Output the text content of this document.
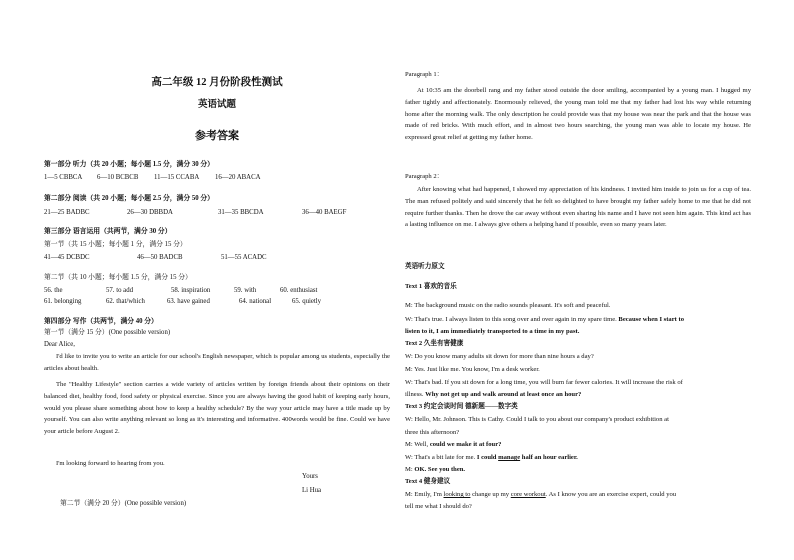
高二年级 12 月份阶段性测试
英语试题
参考答案
第一部分 听力（共 20 小题；每小题 1.5 分，满分 30 分）
1—5 CBBCA 6—10 BCBCB 11—15 CCABA 16—20 ABACA
第二部分 阅读（共 20 小题；每小题 2.5 分，满分 50 分）
21—25 BADBC	26—30 DBBDA	31—35 BBCDA	36—40 BAEGF
第三部分 语言运用（共两节，满分 30 分）
第一节（共 15 小题；每小题 1 分，满分 15 分）
41—45 DCBDC	46—50 BADCB	51—55 ACADC
第二节（共 10 小题；每小题 1.5 分，满分 15 分）
56. the	57. to add	58. inspiration	59. with	60. enthusiast
61. belonging	62. that/which	63. have gained	64. national	65. quietly
第四部分 写作（共两节，满分 40 分）
第一节（满分 15 分）(One possible version)
Dear Alice,
I'd like to invite you to write an article for our school's English newspaper, which is popular among us students, especially the articles about health.
The "Healthy Lifestyle" section carries a wide variety of articles written by foreign friends about their opinions on their balanced diet, healthy food, food safety or physical exercise. Since you are always having the good habit of keeping early hours, would you please share something about how to keep a healthy schedule? By the way your article may have a title made up by yourself. You can also write anything relevant so long as it's interesting and informative. 400words would be fine. Could we have your article before August 2.
I'm looking forward to hearing from you.
Yours
Li Hua
第二节（满分 20 分）(One possible version)
Paragraph 1：
At 10:35 am the doorbell rang and my father stood outside the door smiling, accompanied by a young man. I hugged my father tightly and affectionately. Enormously relieved, the young man told me that my father had lost his way while returning home after the morning walk. The only description he could provide was that my house was near the park and that the house was made of red bricks. With much effort, and in almost two hours searching, the young man was able to locate my house. He expressed great relief at getting my father home.
Paragraph 2：
After knowing what had happened, I showed my appreciation of his kindness. I invited him inside to join us for a cup of tea. The man refused politely and said sincerely that he felt so delighted to have brought my father safely home to me that he did not require further thanks. Then he drove the car away without even sharing his name and I have not seen him again. This kind act has a lasting influence on me. I always give others a helping hand if possible, even so many years later.
英语听力原文
Text 1 喜欢的音乐
M: The background music on the radio sounds pleasant. It's soft and peaceful.
W: That's true. I always listen to this song over and over again in my spare time. Because when I start to
listen to it, I am immediately transported to a time in my past.
Text 2 久坐有害健康
W: Do you know many adults sit down for more than nine hours a day?
M: Yes. Just like me. You know, I'm a desk worker.
W: That's bad. If you sit down for a long time, you will burn far fewer calories. It will increase the risk of
illness. Why not get up and walk around at least once an hour?
Text 3 约定会谈时间 德新题——数字类
W: Hello, Mr. Johnson. This is Cathy. Could I talk to you about our company's product exhibition at
three this afternoon?
M: Well, could we make it at four?
W: That's a bit late for me. I could manage half an hour earlier.
M: OK. See you then.
Text 4 健身建议
M: Emily, I'm looking to change up my core workout. As I know you are an exercise expert, could you
tell me what I should do?
